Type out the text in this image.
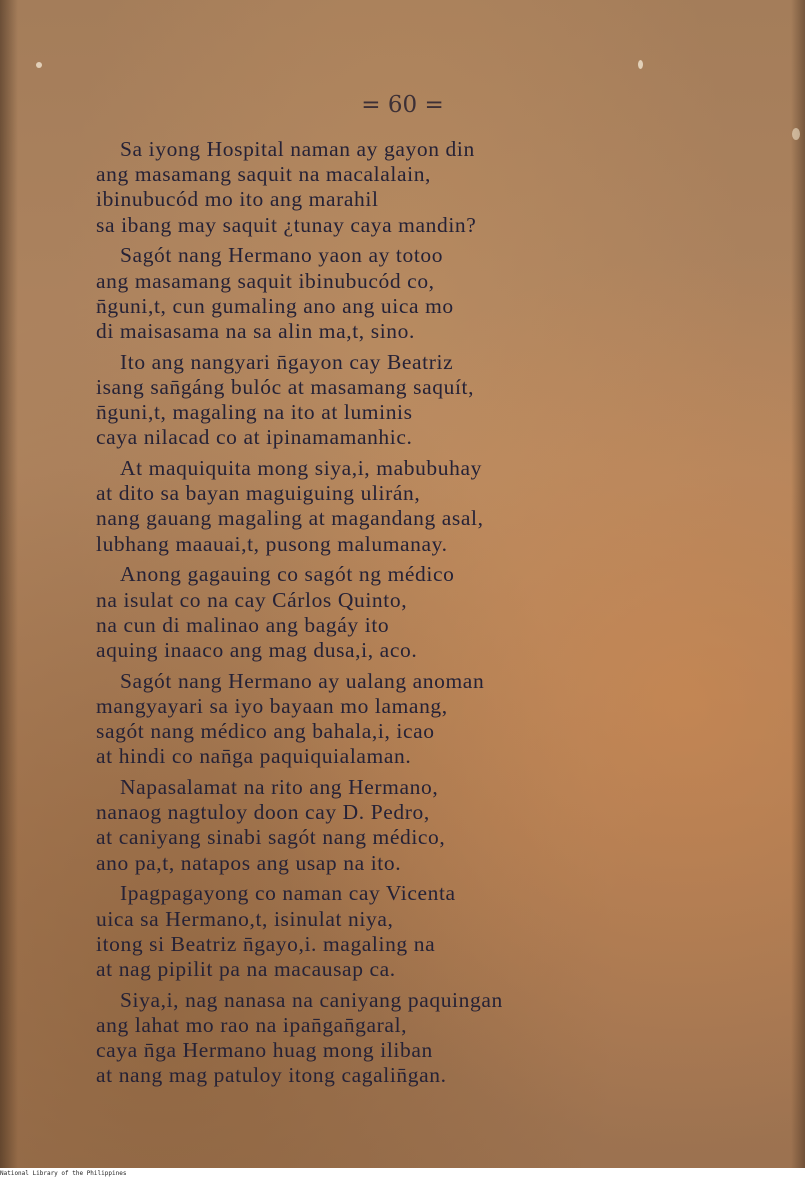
= 60 =
Sa iyong Hospital naman ay gayon din
ang masamang saquit na macalalain,
ibinubucód mo ito ang marahil
sa ibang may saquit ¿tunay caya mandin?
Sagót nang Hermano yaon ay totoo
ang masamang saquit ibinubucód co,
n̄guni,t, cun gumaling ano ang uica mo
di maisasama na sa alin ma,t, sino.
Ito ang nangyari n̄gayon cay Beatriz
isang san̄gáng bulóc at masamang saquít,
n̄guni,t, magaling na ito at luminis
caya nilacad co at ipinamamanhic.
At maquiquita mong siya,i, mabubuhay
at dito sa bayan maguiguing ulirán,
nang gauang magaling at magandang asal,
lubhang maauai,t, pusong malumanay.
Anong gagauing co sagót ng médico
na isulat co na cay Cárlos Quinto,
na cun di malinao ang bagáy ito
aquing inaaco ang mag dusa,i, aco.
Sagót nang Hermano ay ualang anoman
mangyayari sa iyo bayaan mo lamang,
sagót nang médico ang bahala,i, icao
at hindi co nan̄ga paquiquialaman.
Napasalamat na rito ang Hermano,
nanaog nagtuloy doon cay D. Pedro,
at caniyang sinabi sagót nang médico,
ano pa,t, natapos ang usap na ito.
Ipagpagayong co naman cay Vicenta
uica sa Hermano,t, isinulat niya,
itong si Beatriz n̄gayo,i. magaling na
at nag pipilit pa na macausap ca.
Siya,i, nag nanasa na caniyang paquingan
ang lahat mo rao na ipan̄gan̄garal,
caya n̄ga Hermano huag mong iliban
at nang mag patuloy itong cagalin̄gan.
National Library of the Philippines
